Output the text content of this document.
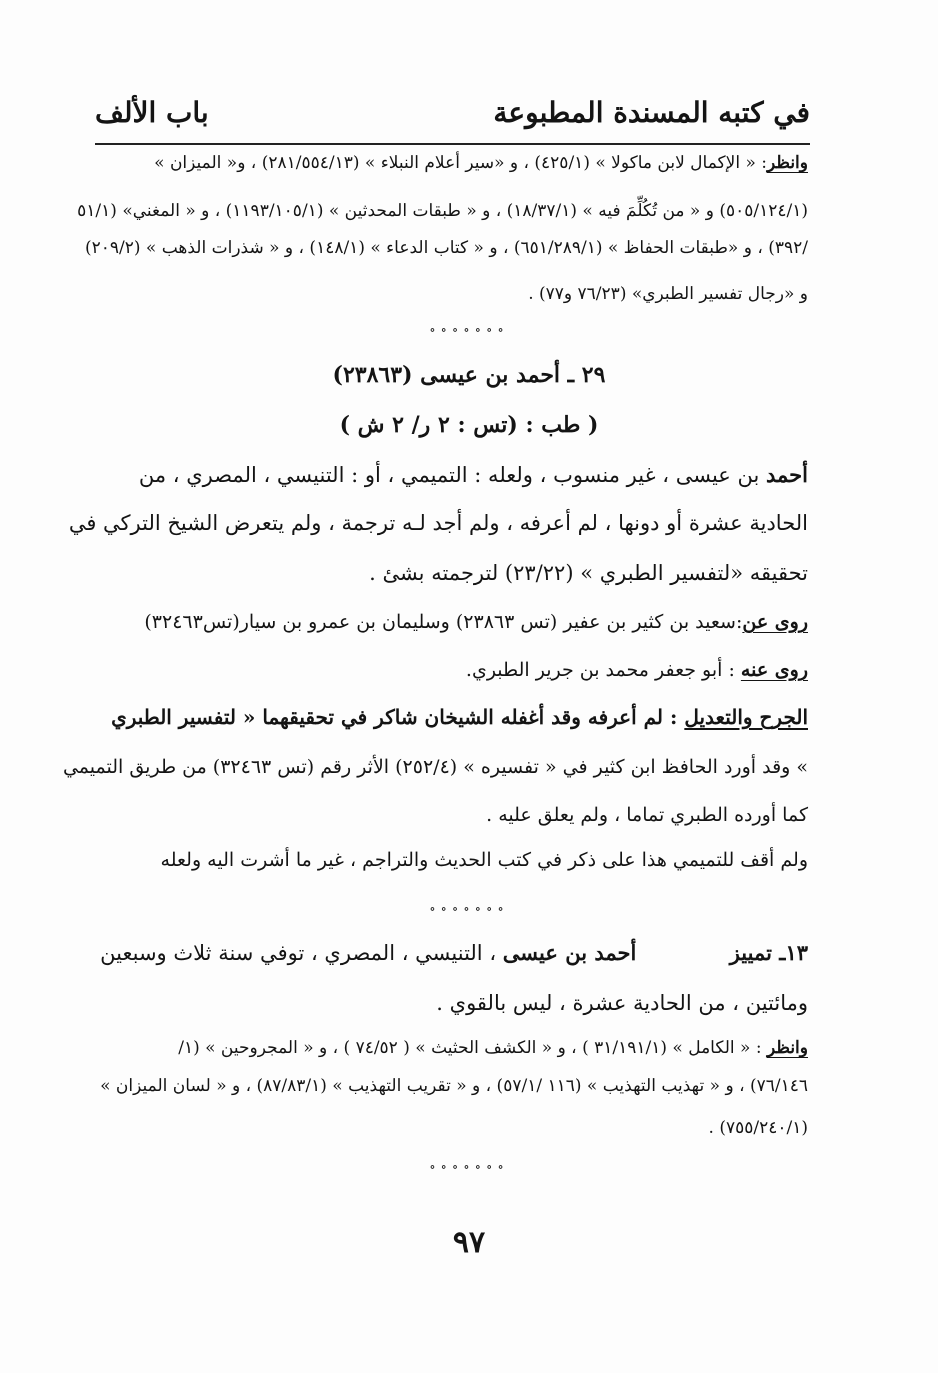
في كتبه المسندة المطبوعة
باب الألف
وانظر: « الإكمال لابن ماكولا » (٤٢٥/١) ، و «سير أعلام النبلاء » (٢٨١/٥٥٤/١٣) ، و« الميزان »
(٥٠٥/١٢٤/١) و « من تُكُلِّمَ فيه » (١٨/٣٧/١) ، و « طبقات المحدثين » (١١٩٣/١٠٥/١) ، و « المغني» (٥١/١
/٣٩٢) ، و «طبقات الحفاظ » (٦٥١/٢٨٩/١) ، و « كتاب الدعاء » (١٤٨/١) ، و « شذرات الذهب » (٢٠٩/٢)
و «رجال تفسير الطبري» (٧٦/٢٣ و٧٧) .
∘∘∘∘∘∘∘
٢٩ ـ أحمد بن عيسى (٢٣٨٦٣)
( طب : (تس : ٢ ر/ ٢ ش )
أحمد بن عيسى ، غير منسوب ، ولعله : التميمي ، أو : التنيسي ، المصري ، من
الحادية عشرة أو دونها ، لم أعرفه ، ولم أجد لـه ترجمة ، ولم يتعرض الشيخ التركي في
تحقيقه «لتفسير الطبري » (٢٣/٢٢) لترجمته بشئ .
روى عن:سعيد بن كثير بن عفير (تس ٢٣٨٦٣) وسليمان بن عمرو بن سيار(تس٣٢٤٦٣)
روى عنه : أبو جعفر محمد بن جرير الطبري.
الجرح والتعديل : لم أعرفه وقد أغفله الشيخان شاكر في تحقيقهما « لتفسير الطبري
» وقد أورد الحافظ ابن كثير في « تفسيره » (٢٥٢/٤) الأثر رقم (تس ٣٢٤٦٣) من طريق التميمي
كما أورده الطبري تماما ، ولم يعلق عليه .
ولم أقف للتميمي هذا على ذكر في كتب الحديث والتراجم ، غير ما أشرت اليه ولعله
∘∘∘∘∘∘∘
١٣ـ تمييز  أحمد بن عيسى ، التنيسي ، المصري ، توفي سنة ثلاث وسبعين
ومائتين ، من الحادية عشرة ، ليس بالقوي .
وانظر : « الكامل » (٣١/١٩١/١ ) ، و « الكشف الحثيث » ( ٧٤/٥٢ ) ، و « المجروحين » (١/
٧٦/١٤٦) ، و « تهذيب التهذيب » (١١٦ /٥٧/١) ، و « تقريب التهذيب » (٨٧/٨٣/١) ، و « لسان الميزان »
(٧٥٥/٢٤٠/١) .
∘∘∘∘∘∘∘
٩٧
